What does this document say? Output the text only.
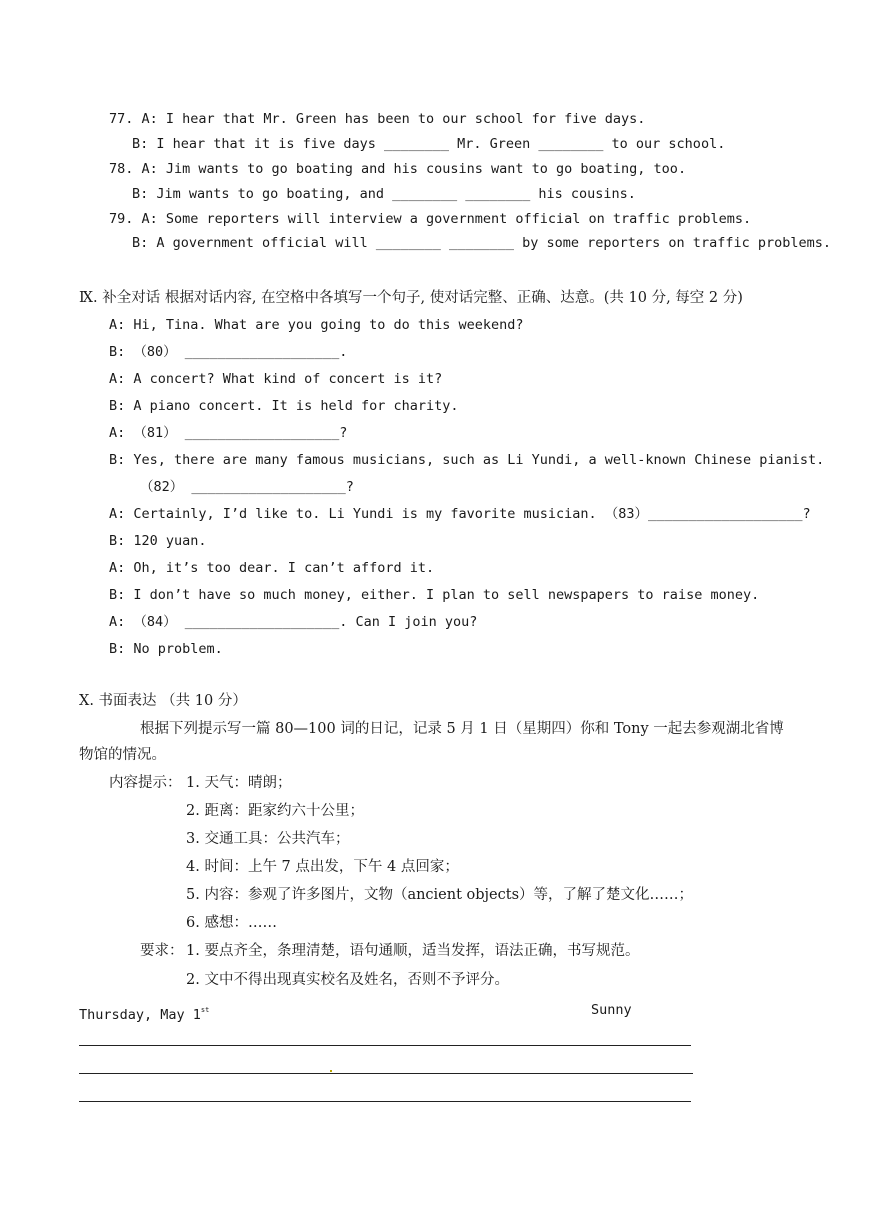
77. A: I hear that Mr. Green has been to our school for five days.
B: I hear that it is five days ________ Mr. Green ________ to our school.
78. A: Jim wants to go boating and his cousins want to go boating, too.
B: Jim wants to go boating, and ________ ________ his cousins.
79. A: Some reporters will interview a government official on traffic problems.
B: A government official will ________ ________ by some reporters on traffic problems.
Ⅸ. 补全对话 根据对话内容, 在空格中各填写一个句子, 使对话完整、正确、达意。(共 10 分, 每空 2 分)
A: Hi, Tina. What are you going to do this weekend?
B: （80） ___________________.
A: A concert? What kind of concert is it?
B: A piano concert. It is held for charity.
A: （81） ___________________?
B: Yes, there are many famous musicians, such as Li Yundi, a well-known Chinese pianist.
（82） ___________________?
A: Certainly, I’d like to. Li Yundi is my favorite musician. （83）___________________?
B: 120 yuan.
A: Oh, it’s too dear. I can’t afford it.
B: I don’t have so much money, either. I plan to sell newspapers to raise money.
A: （84） ___________________. Can I join you?
B: No problem.
Ⅹ. 书面表达 （共 10 分）
根据下列提示写一篇 80—100 词的日记，记录 5 月 1 日（星期四）你和 Tony 一起去参观湖北省博
物馆的情况。
内容提示： 1. 天气：晴朗；
2. 距离：距家约六十公里；
3. 交通工具：公共汽车；
4. 时间：上午 7 点出发，下午 4 点回家；
5. 内容：参观了许多图片，文物（ancient objects）等，了解了楚文化……；
6. 感想：……
要求： 1. 要点齐全，条理清楚，语句通顺，适当发挥，语法正确，书写规范。
2. 文中不得出现真实校名及姓名，否则不予评分。
Thursday, May 1st	Sunny
